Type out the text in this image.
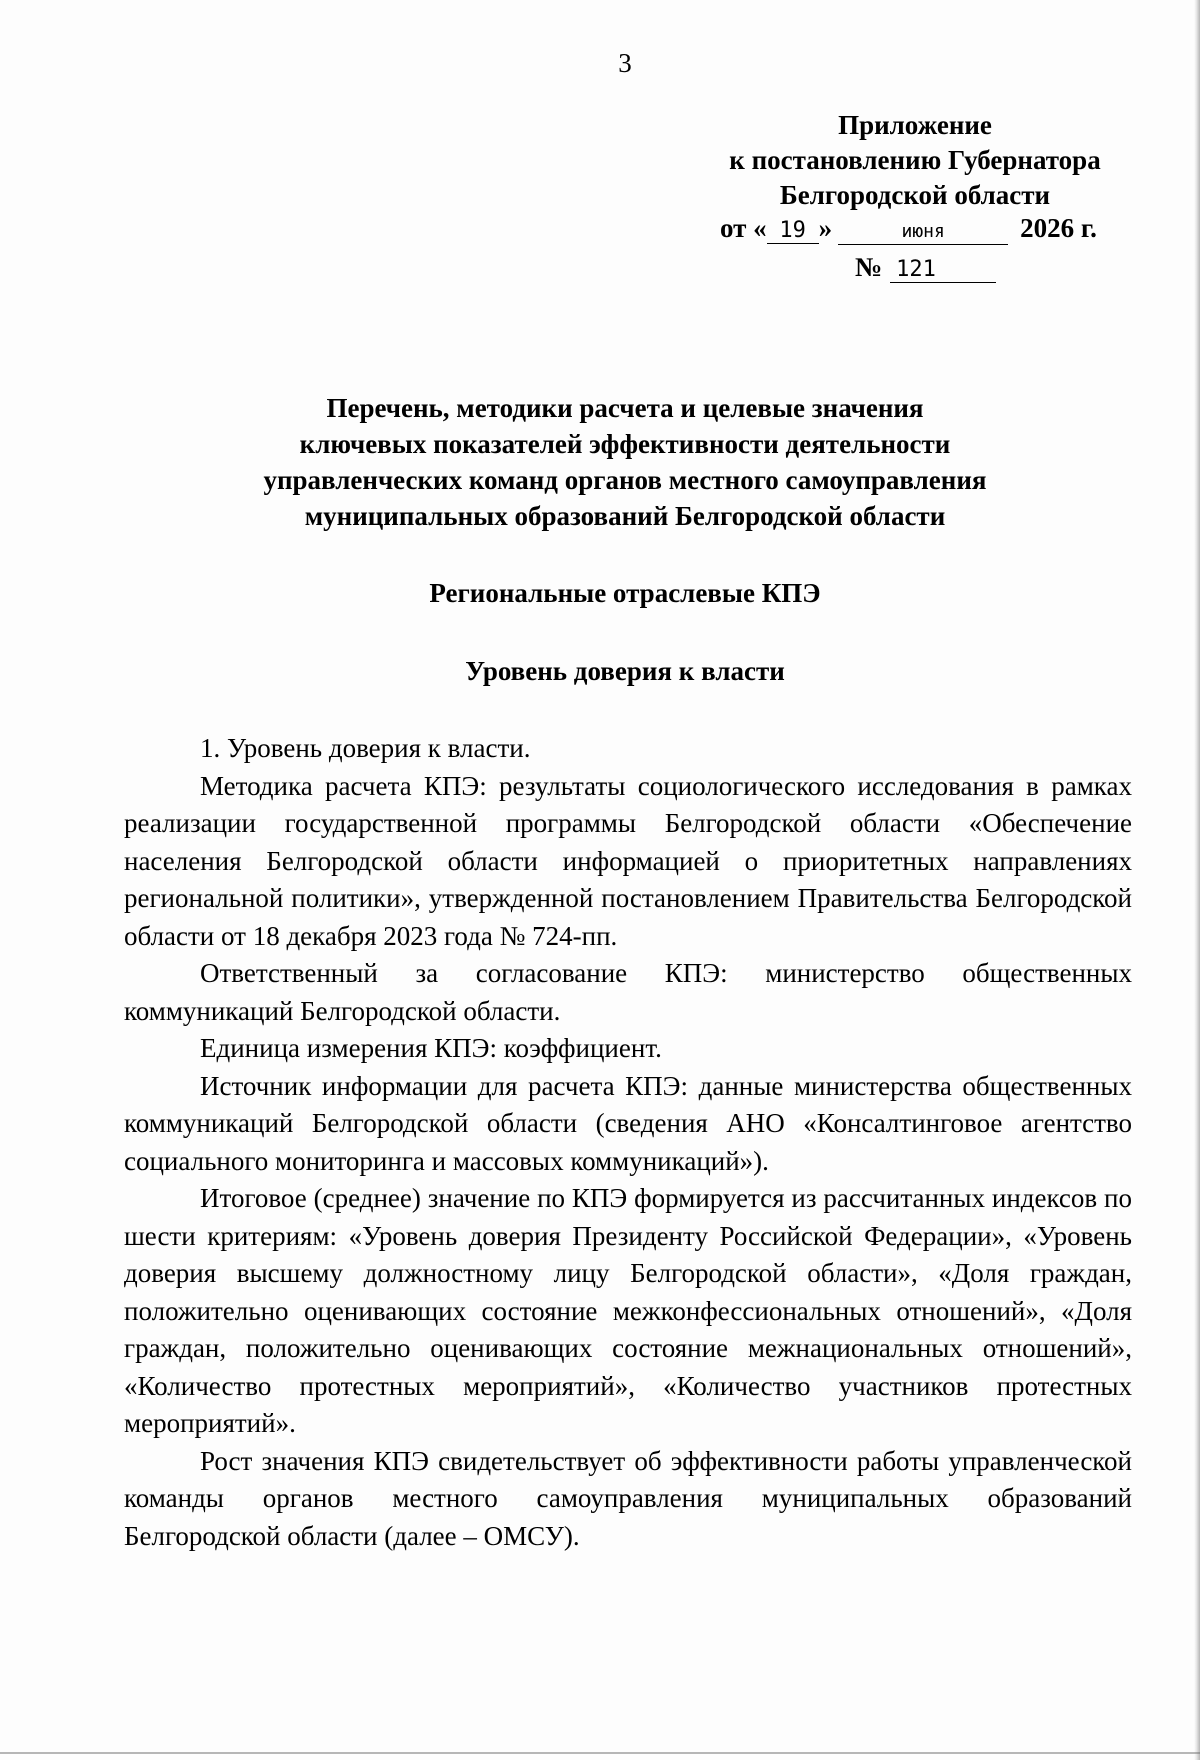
3
Приложение
к постановлению Губернатора
Белгородской области
от « 19 »	июня	2026 г.
№ 121
Перечень, методики расчета и целевые значения
ключевых показателей эффективности деятельности
управленческих команд органов местного самоуправления
муниципальных образований Белгородской области
Региональные отраслевые КПЭ
Уровень доверия к власти

1. Уровень доверия к власти.

Методика расчета КПЭ: результаты социологического исследования в рамках реализации государственной программы Белгородской области «Обеспечение населения Белгородской области информацией о приоритетных направлениях региональной политики», утвержденной постановлением Правительства Белгородской области от 18 декабря 2023 года № 724-пп.

Ответственный за согласование КПЭ: министерство общественных коммуникаций Белгородской области.

Единица измерения КПЭ: коэффициент.

Источник информации для расчета КПЭ: данные министерства общественных коммуникаций Белгородской области (сведения АНО «Консалтинговое агентство социального мониторинга и массовых коммуникаций»).

Итоговое (среднее) значение по КПЭ формируется из рассчитанных индексов по шести критериям: «Уровень доверия Президенту Российской Федерации», «Уровень доверия высшему должностному лицу Белгородской области», «Доля граждан, положительно оценивающих состояние межконфессиональных отношений», «Доля граждан, положительно оценивающих состояние межнациональных отношений», «Количество протестных мероприятий», «Количество участников протестных мероприятий».

Рост значения КПЭ свидетельствует об эффективности работы управленческой команды органов местного самоуправления муниципальных образований Белгородской области (далее – ОМСУ).
